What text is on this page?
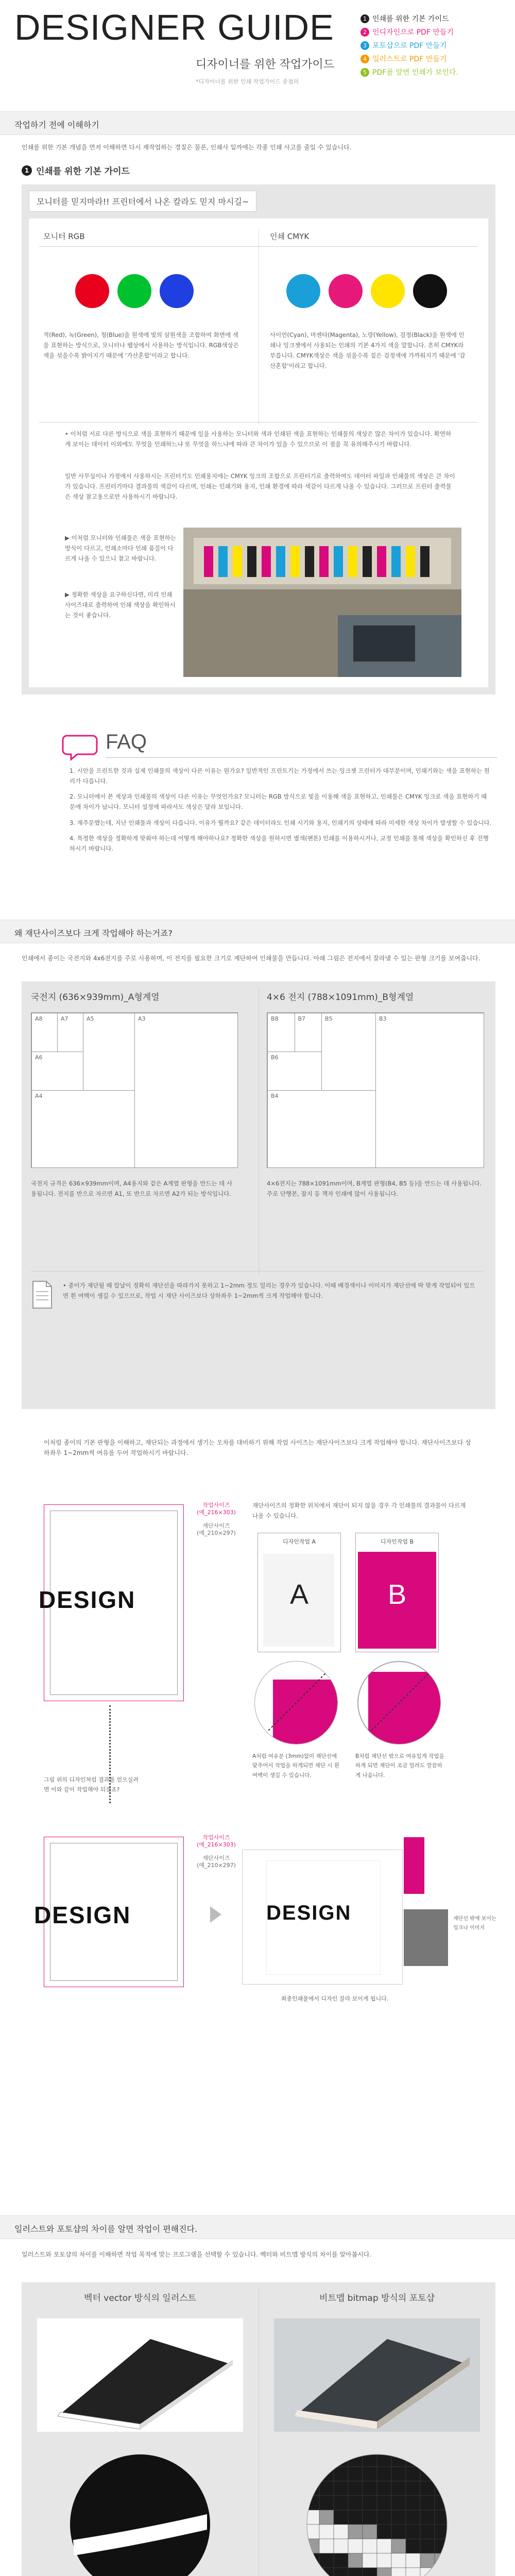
DESIGNER GUIDE
디자이너를 위한 작업가이드
*디자이너를 위한 인쇄 작업가이드 중점의
1 인쇄를 위한 기본 가이드
2 인디자인으로 PDF 만들기
3 포토샵으로 PDF 만들기
4 일러스트로 PDF 만들기
5 PDF를 알면 인쇄가 보인다.
작업하기 전에 이해하기
인쇄를 위한 기본 개념을 먼저 이해하면 다시 재작업하는 경질은 물론, 인쇄사 일까에는 각종 인쇄 사고를 줄일 수 있습니다.
1 인쇄를 위한 기본 가이드
모니터를 믿지마라!! 프린터에서 나온 칼라도 믿지 마시길~
모니터 RGB	인쇄 CMYK
적(Red), 녹(Green), 청(Blue)을 원색에 빛의 삼원색을 조합하여 화면에 색을 표현하는 방식으로, 모니터나 웹상에서 사용하는 방식입니다. RGB색상은 색을 섞을수록 밝아지기 때문에 '가산혼합'이라고 합니다.
사이언(Cyan), 마젠타(Magenta), 노랑(Yellow), 검정(Black)을 원색에 인쇄나 잉크젯에서 사용되는 인쇄의 기본 4가지 색을 말합니다. 흔히 CMYK라 부릅니다. CMYK색상은 색을 섞을수록 짙은 검정색에 가까워지기 때문에 '감산혼합'이라고 합니다.
• 이처럼 서로 다른 방식으로 색을 표현하기 때문에 일을 사용하는 모니터와 색과 인쇄된 색을 표현하는 인쇄물의 색상은 많은 차이가 있습니다. 확연하게 보이는 데이터 이외에도 무엇을 인쇄하느냐 또 무엇을 하느냐에 따라 큰 차이가 있을 수 있으므로 이 점을 꼭 유의해주시기 바랍니다.
일반 사무실이나 가정에서 사용하시는 프린터기도 인쇄용지에는 CMYK 잉크의 조합으로 프린터기로 출력하여도 데이터 파일과 인쇄물의 색상은 큰 차이가 있습니다. 프린터기마다 결과물의 색감이 다르며, 인쇄는 인쇄기와 용지, 인쇄 환경에 따라 색감이 다르게 나올 수 있습니다. 그러므로 프린터 출력물은 색상 참고용으로만 사용하시기 바랍니다.
▶ 이처럼 모니터와 인쇄물은 색을 표현하는 방식이 다르고, 인쇄소마다 인쇄 품질이 다르게 나올 수 있으니 참고 바랍니다.
▶ 정확한 색상을 요구하신다면, 미리 인쇄 사이즈대로 출력하여 인쇄 색상을 확인하시는 것이 좋습니다.
FAQ
1. 시안을 프린트한 것과 실제 인쇄물의 색상이 다른 이유는 뭔가요? 일반적인 프린트기는 가정에서 쓰는 잉크젯 프린터가 대부분이며, 인쇄기와는 색을 표현하는 원리가 다릅니다.
2. 모니터에서 본 색상과 인쇄물의 색상이 다른 이유는 무엇인가요? 모니터는 RGB 방식으로 빛을 이용해 색을 표현하고, 인쇄물은 CMYK 잉크로 색을 표현하기 때문에 차이가 납니다. 모니터 설정에 따라서도 색상은 달라 보입니다.
3. 재주문했는데, 지난 인쇄물과 색상이 다릅니다. 이유가 뭘까요? 같은 데이터라도 인쇄 시기와 용지, 인쇄기의 상태에 따라 미세한 색상 차이가 발생할 수 있습니다.
4. 특정한 색상을 정확하게 맞춰야 하는데 어떻게 해야하나요? 정확한 색상을 원하시면 별색(팬톤) 인쇄를 이용하시거나, 교정 인쇄를 통해 색상을 확인하신 후 진행하시기 바랍니다.
왜 재단사이즈보다 크게 작업해야 하는거죠?
인쇄에서 종이는 국전지와 4x6전지를 주로 사용하며, 이 전지를 필요한 크기로 재단하여 인쇄물을 만듭니다. 아래 그림은 전지에서 잘라낼 수 있는 판형 크기를 보여줍니다.
국전지 (636×939mm)_A형계열	4×6 전지 (788×1091mm)_B형계열
A3
A4
A5
A6
A7
A8	B3
B4
B5
B6
B7
B8
국전지 규격은 636×939mm이며, A4용지와 같은 A계열 판형을 만드는 데 사용됩니다. 전지를 반으로 자르면 A1, 또 반으로 자르면 A2가 되는 방식입니다.
4×6전지는 788×1091mm이며, B계열 판형(B4, B5 등)을 만드는 데 사용됩니다. 주로 단행본, 잡지 등 책자 인쇄에 많이 사용됩니다.
• 종이가 재단될 때 칼날이 정확히 재단선을 따라가지 못하고 1~2mm 정도 밀리는 경우가 있습니다. 이때 배경색이나 이미지가 재단선에 딱 맞게 작업되어 있으면 흰 여백이 생길 수 있으므로, 작업 시 재단 사이즈보다 상하좌우 1~2mm씩 크게 작업해야 합니다.
이처럼 종이의 기본 판형을 이해하고, 재단되는 과정에서 생기는 오차를 대비하기 위해 작업 사이즈는 재단사이즈보다 크게 작업해야 합니다. 재단사이즈보다 상하좌우 1~2mm씩 여유를 두어 작업하시기 바랍니다.
DESIGN
작업사이즈
(예_216×303)
재단사이즈
(예_210×297)
재단사이즈의 정확한 위치에서 재단이 되지 않을 경우 각 인쇄물의 결과물이 다르게 나올 수 있습니다.
디자인작업 A
A
디자인작업 B
B
A처럼 여유분 (3mm)없이 재단선에 맞추어서 작업을 하게되면 재단 시 흰 여백이 생길 수 있습니다.
B처럼 재단선 밖으로 여유있게 작업을 하게 되면 재단이 조금 밀려도 깔끔하게 나옵니다.
그림 위의 디자인처럼 결과물 얻으실려면 이와 같이 작업해야 되겠죠?
DESIGN
작업사이즈
(예_216×303)
재단사이즈
(예_210×297)
DESIGN	재단선 밖에 보이는 잉크나 이미지
최종인쇄물에서 디자인 잘라 보이게 됩니다.
일러스트와 포토샵의 차이를 알면 작업이 편해진다.
일러스트와 포토샵의 차이를 이해하면 작업 목적에 맞는 프로그램을 선택할 수 있습니다. 벡터와 비트맵 방식의 차이를 알아봅시다.
벡터 vector 방식의 일러스트	비트맵 bitmap 방식의 포토샵
